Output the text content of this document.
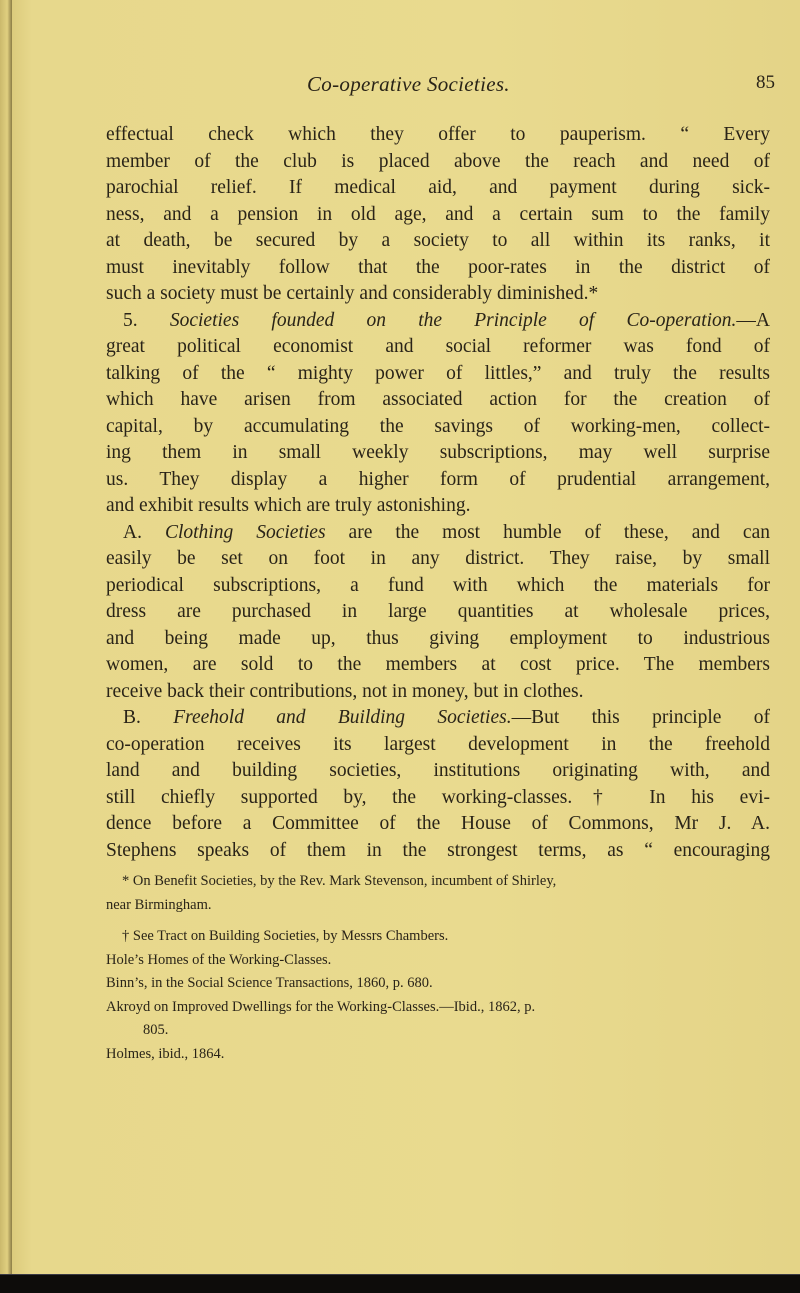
Co-operative Societies.	85
effectual check which they offer to pauperism. “ Every
member of the club is placed above the reach and need of
parochial relief. If medical aid, and payment during sick-
ness, and a pension in old age, and a certain sum to the family
at death, be secured by a society to all within its ranks, it
must inevitably follow that the poor-rates in the district of
such a society must be certainly and considerably diminished.*
5. Societies founded on the Principle of Co-operation.—A
great political economist and social reformer was fond of
talking of the “ mighty power of littles,” and truly the results
which have arisen from associated action for the creation of
capital, by accumulating the savings of working-men, collect-
ing them in small weekly subscriptions, may well surprise
us. They display a higher form of prudential arrangement,
and exhibit results which are truly astonishing.
A. Clothing Societies are the most humble of these, and can
easily be set on foot in any district. They raise, by small
periodical subscriptions, a fund with which the materials for
dress are purchased in large quantities at wholesale prices,
and being made up, thus giving employment to industrious
women, are sold to the members at cost price. The members
receive back their contributions, not in money, but in clothes.
B. Freehold and Building Societies.—But this principle of
co-operation receives its largest development in the freehold
land and building societies, institutions originating with, and
still chiefly supported by, the working-classes.† In his evi-
dence before a Committee of the House of Commons, Mr J. A.
Stephens speaks of them in the strongest terms, as “ encouraging
* On Benefit Societies, by the Rev. Mark Stevenson, incumbent of Shirley,
near Birmingham.
† See Tract on Building Societies, by Messrs Chambers.
Hole’s Homes of the Working-Classes.
Binn’s, in the Social Science Transactions, 1860, p. 680.
Akroyd on Improved Dwellings for the Working-Classes.—Ibid., 1862, p.
805.
Holmes, ibid., 1864.
